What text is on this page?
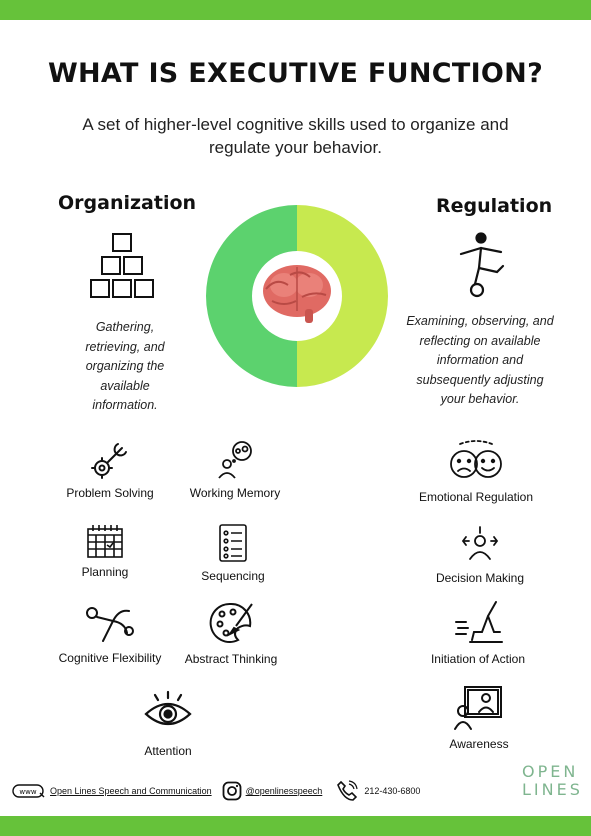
WHAT IS EXECUTIVE FUNCTION?

A set of higher-level cognitive skills used to organize and regulate your behavior.

Organization

Gathering, retrieving, and organizing the available information.

Regulation

Examining, observing, and reflecting on available information and subsequently adjusting your behavior.

Problem Solving	Working Memory
Planning	Sequencing
Cognitive Flexibility	Abstract Thinking
Attention
Emotional Regulation
Decision Making
Initiation of Action
Awareness
www Open Lines Speech and Communication	@openlinesspeech	212-430-6800
OPEN
LINES
